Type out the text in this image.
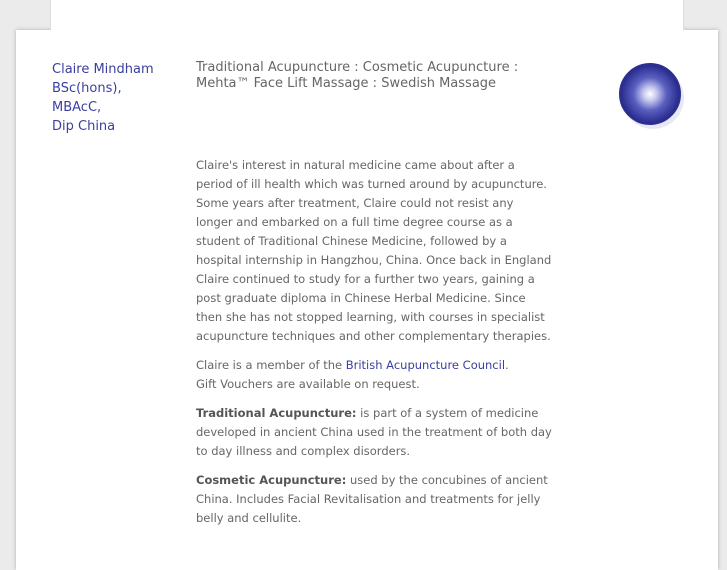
Claire Mindham
BSc(hons),
MBAcC,
Dip China
Traditional Acupuncture : Cosmetic Acupuncture :
Mehta™ Face Lift Massage : Swedish Massage

Claire's interest in natural medicine came about after a period of ill health which was turned around by acupuncture. Some years after treatment, Claire could not resist any longer and embarked on a full time degree course as a student of Traditional Chinese Medicine, followed by a hospital internship in Hangzhou, China. Once back in England Claire continued to study for a further two years, gaining a post graduate diploma in Chinese Herbal Medicine. Since then she has not stopped learning, with courses in specialist acupuncture techniques and other complementary therapies.

Claire is a member of the British Acupuncture Council.
Gift Vouchers are available on request.

Traditional Acupuncture: is part of a system of medicine developed in ancient China used in the treatment of both day to day illness and complex disorders.

Cosmetic Acupuncture: used by the concubines of ancient China. Includes Facial Revitalisation and treatments for jelly belly and cellulite.
